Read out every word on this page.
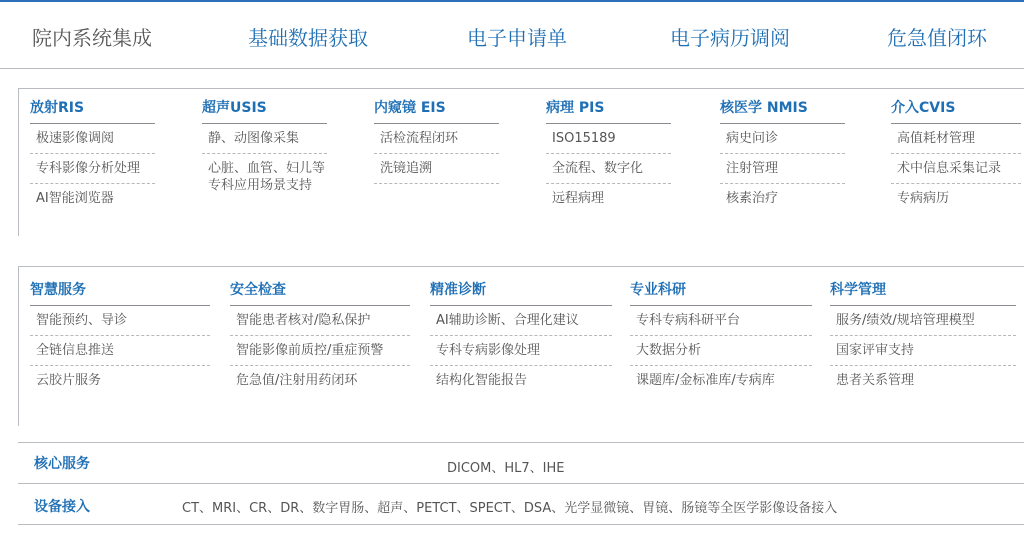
院内系统集成	基础数据获取	电子申请单	电子病历调阅	危急值闭环
放射RIS
极速影像调阅
专科影像分析处理
AI智能浏览器
超声USIS
静、动图像采集
心脏、血管、妇儿等专科应用场景支持
内窥镜 EIS
活检流程闭环
洗镜追溯
病理 PIS
ISO15189
全流程、数字化
远程病理
核医学 NMIS
病史问诊
注射管理
核素治疗
介入CVIS
高值耗材管理
术中信息采集记录
专病病历
智慧服务
智能预约、导诊
全链信息推送
云胶片服务
安全检查
智能患者核对/隐私保护
智能影像前质控/重症预警
危急值/注射用药闭环
精准诊断
AI辅助诊断、合理化建议
专科专病影像处理
结构化智能报告
专业科研
专科专病科研平台
大数据分析
课题库/金标准库/专病库
科学管理
服务/绩效/规培管理模型
国家评审支持
患者关系管理
核心服务	DICOM、HL7、IHE
设备接入	CT、MRI、CR、DR、数字胃肠、超声、PETCT、SPECT、DSA、光学显微镜、胃镜、肠镜等全医学影像设备接入
